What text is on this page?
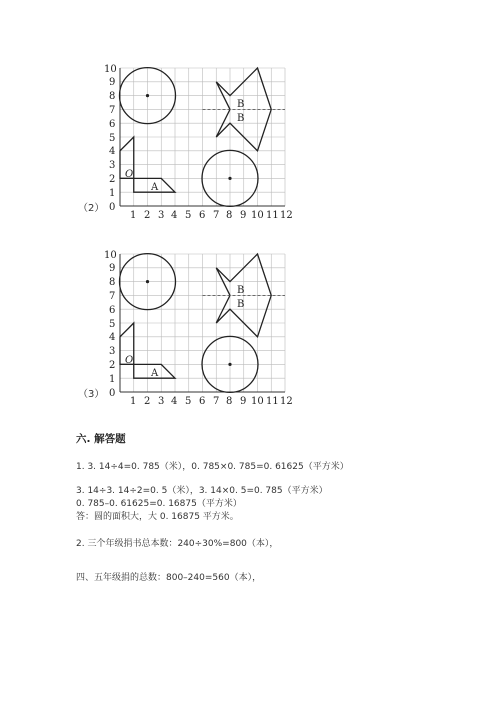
（2）
10
9
8
7
6
5
4
3
2
1
0
1 2 3 4 5 6 7 8 9 10 11 12
O
A
B
B
（3）
10
9
8
7
6
5
4
3
2
1
0
1 2 3 4 5 6 7 8 9 10 11 12
O
A
B
B
六. 解答题
1. 3. 14÷4=0. 785（米），0. 785×0. 785=0. 61625（平方米）
3. 14÷3. 14÷2=0. 5（米），3. 14×0. 5=0. 785（平方米）
0. 785–0. 61625=0. 16875（平方米）
答：圆的面积大，大 0. 16875 平方米。
2. 三个年级捐书总本数：240÷30%=800（本），
四、五年级捐的总数：800–240=560（本），
